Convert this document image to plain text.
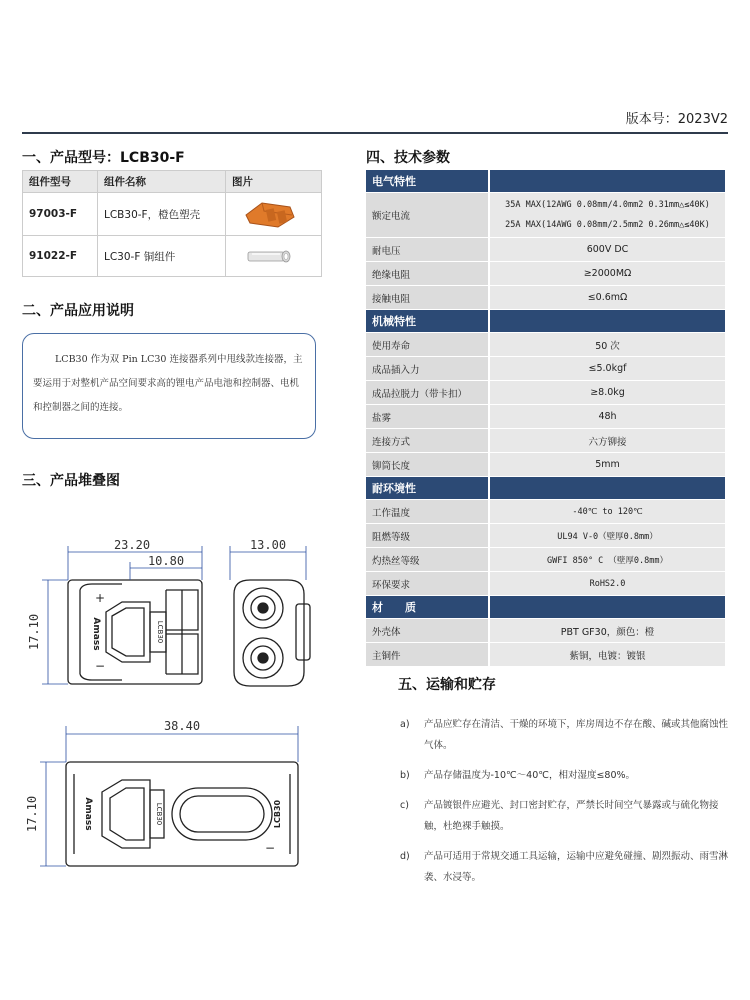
版本号：2023V2
一、产品型号：LCB30-F
组件型号	组件名称	图片
97003-F	LCB30-F，橙色塑壳	

91022-F	LC30-F 铜组件	
二、产品应用说明
LCB30 作为双 Pin LC30 连接器系列中甩线款连接器，主要运用于对整机产品空间要求高的锂电产品电池和控制器、电机和控制器之间的连接。
三、产品堆叠图
Amass	LCB30
+
−
23.20
10.80
13.00
17.10
38.40
17.10	Amass	LCB30
LCB30
−
四、技术参数
电气特性	
额定电流	35A MAX(12AWG 0.08mm/4.0mm2 0.31mm△≤40K)
25A MAX(14AWG 0.08mm/2.5mm2 0.26mm△≤40K)

耐电压	600V DC
绝缘电阻	≥2000MΩ
接触电阻	≤0.6mΩ
机械特性	
使用寿命	50 次
成品插入力	≤5.0kgf
成品拉脱力（带卡扣）	≥8.0kg
盐雾	48h
连接方式	六方铆接
铆筒长度	5mm
耐环境性	
工作温度	-40℃ to 120℃
阻燃等级	UL94 V-0（壁厚0.8mm）
灼热丝等级	GWFI 850° C （壁厚0.8mm）
环保要求	RoHS2.0
材　　质	
外壳体	PBT GF30，颜色：橙
主铜件	紫铜，电镀：镀银
五、运输和贮存
a) 产品应贮存在清洁、干燥的环境下，库房周边不存在酸、碱或其他腐蚀性气体。
b) 产品存储温度为-10℃～40℃，相对湿度≤80%。
c) 产品镀银件应避光、封口密封贮存，严禁长时间空气暴露或与硫化物接触，杜绝裸手触摸。
d) 产品可适用于常规交通工具运输，运输中应避免碰撞、剧烈振动、雨雪淋袭、水浸等。
